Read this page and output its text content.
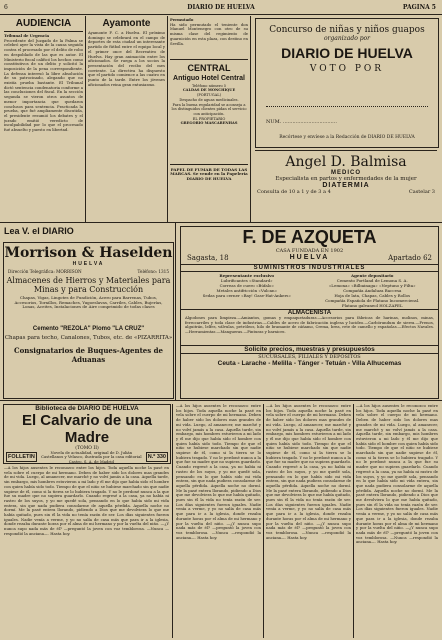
6	DIARIO DE HUELVA	PAGINA 5
AUDIENCIA
Tribunal de Urgencia
Procedente del Juzgado de la Palma se celebró ayer la vista de la causa seguida contra el procesado por el delito de robo en despoblado de las que es autor. El Ministerio fiscal calificó los hechos como constitutivos de un delito y solicitó la imposición de la pena correspondiente. La defensa interesó la libre absolución de su patrocinado, alegando que no existía prueba bastante. El Tribunal dictó sentencia condenatoria conforme a las conclusiones del fiscal. En la sección segunda se vieron otros asuntos de menor importancia que quedaron conclusos para sentencia. Practicada la prueba, que fué ampliamente discutida, el presidente resumió los debates y el jurado emitió veredicto de inculpabilidad por lo que el procesado fué absuelto y puesto en libertad.
Ayamonte
Ayamonte F. C. a Huelva. El próximo domingo se celebrará en el campo de deportes de esta ciudad un interesante partido de fútbol entre el equipo local y el primer once del Recreativo de Huelva. Hay gran animación entre los aficionados. Se ruega a los socios la presentación del recibo del mes corriente. La directiva ha dispuesto que el partido comience a las cuatro en punto de la tarde. Entre los jóvenes aficionados reina gran entusiasmo.
Permutado
Ha sido permutado el teniente don Manuel Montenegro con otro de su misma clase del regimiento de guarnición en esta plaza, con destino en Sevilla.
CENTRAL
Antiguo Hotel Central
Teléfono número 5
CALDAS DE MONCHIQUE
(PORTUGAL)
Despacho de aguas medicinales.
Para la buena regularidad se aconseja a los distinguidos clientes pidan el servicio con anticipación.
EL PROPIETARIO
GREGORIO MASCARENHAS
PAPEL DE FUMAR DE TODAS LAS MARCAS. Se vende en la Papelería DIARIO DE HUELVA
Concurso de niñas y niños guapos
organizado por
DIARIO DE HUELVA
VOTO POR
NUM. ..................................
Recórtese y envíese a la Redacción de DIARIO DE HUELVA
Angel D. Balmisa
MEDICO
Especialista en partos y enfermedades de la mujer
DIATERMIA
Consulta de 10 a 1 y de 3 a 4	Castelar 3
Lea V. el DIARIO
Morrison & Haselden
HUELVA
Dirección Telegráfica: MORRISON	Teléfono: 1315
Almacenes de Hierros y Materiales para
Minas y para Construcción
Chapas, Vigas, Lingotes de Fundición, Acero para Barrenas, Tubos, Accesorios, Tornillos, Remaches, Yugoeslavas, Carriles, Cables, Bujerías, Lonas, Aceites, Instalaciones de Aire comprimido de todas clases
Cemento "REZOLA" Plomo "LA CRUZ"
Chapas para techo, Canalones, Tubos, etc. de «PIZARRITA»
Consignatarios de Buques-Agentes de Aduanas
F. DE AZQUETA
CASA FUNDADA EN 1902
Sagasta, 18	HUELVA	Apartado 62
SUMINISTROS INDUSTRIALES
Representante exclusivo
Lubrificantes «Standard»
Correas de cuero «Búfalo»
Metales antifricción «Vulcan»
Sedas para cerner «Bay! Gase-Hat-Ankers»
Agente depositario
Cemento Portland de Lemona S. A.
«Lemona» «Bilbainaga» «Neptuno y Filta»
Compañía Andaluza Baccesa
Hoja de lata, Chapas, Cables y Rollos
Compañía Española de Platano Incomerciensl.
Platano galvaneol HOLZAPEL
ALMACENISTA
Algodones para limpieza.—Amiantos, gomas y empaquetaduras.—Accesorios para fábricas de harinas, molinos, minas, ferrocarriles y toda clase de industrias.—Cables de acero de fabricación inglesa y lucideo.—Carbórundum de sierra.—Frenos, alguitrán, lelfes, válvulas, petróleos, hilo de bramante de cáñamo, Crema, brea, rete de camello y españolas.—Efectos Navales.—Herramientas.—Mangueras.—Pinturas y barnices.
Solicite precios, muestras y presupuestos
SUCURSALES, FILIALES Y DEPÓSITOS
Ceuta - Larache - Melilla - Tánger - Tetuán - Villa Alhucemas
Biblioteca de DIARIO DE HUELVA
El Calvario de una Madre
(TOMO II)
FOLLETIN
Novela de actualidad, original de D. Julián Castellanos y Velasco, ilustrada por la casa editorial Castro, S. A. de Madrid
N.º 330
—A los hijos ausentes le reconozco entre los hijos. Toda aquella noche la pasé en vela sobre el cuerpo de mi hermano. Deben de haber sido los dolores mas grandes de mi vida. Luego, al amanecer, me marché y no volví jamás a la casa. Aquella tarde, sin embargo, mis hombres estuvieron a mi lado y él me dijo que había sido el hombre con quien había sido todo. Tiempo de que el niño se hubiese marchado sin que nadie supiese de él, como si la tierra se lo hubiera tragado. Y no le perdoné nunca a la que fue su madre que no supiera guardarlo. Cuando regresé a la casa, ya no había ni rastro de los suyos, y yo me quedé sola, pensando en lo que había sido mi vida entera, sin que nada pudiera consolarme de aquella pérdida. Aquella noche no dormí. Me la pasé entera llorando, pidiendo a Dios que me devolviera lo que me había quitado, pues sin él la vida no tenía razón de ser. Los días siguientes fueron iguales. Nadie venía a verme, y yo no salía de casa más que para ir a la iglesia, donde rezaba durante horas por el alma de mi hermano y por la vuelta del niño. —¿Y nunca supo nada más de él? —preguntó la joven con voz temblorosa. —Nunca —respondió la anciana—. Hasta hoy.
—A los hijos ausentes le reconozco entre los hijos. Toda aquella noche la pasé en vela sobre el cuerpo de mi hermano. Deben de haber sido los dolores mas grandes de mi vida. Luego, al amanecer, me marché y no volví jamás a la casa. Aquella tarde, sin embargo, mis hombres estuvieron a mi lado y él me dijo que había sido el hombre con quien había sido todo. Tiempo de que el niño se hubiese marchado sin que nadie supiese de él, como si la tierra se lo hubiera tragado. Y no le perdoné nunca a la que fue su madre que no supiera guardarlo. Cuando regresé a la casa, ya no había ni rastro de los suyos, y yo me quedé sola, pensando en lo que había sido mi vida entera, sin que nada pudiera consolarme de aquella pérdida. Aquella noche no dormí. Me la pasé entera llorando, pidiendo a Dios que me devolviera lo que me había quitado, pues sin él la vida no tenía razón de ser. Los días siguientes fueron iguales. Nadie venía a verme, y yo no salía de casa más que para ir a la iglesia, donde rezaba durante horas por el alma de mi hermano y por la vuelta del niño. —¿Y nunca supo nada más de él? —preguntó la joven con voz temblorosa. —Nunca —respondió la anciana—. Hasta hoy.
—A los hijos ausentes le reconozco entre los hijos. Toda aquella noche la pasé en vela sobre el cuerpo de mi hermano. Deben de haber sido los dolores mas grandes de mi vida. Luego, al amanecer, me marché y no volví jamás a la casa. Aquella tarde, sin embargo, mis hombres estuvieron a mi lado y él me dijo que había sido el hombre con quien había sido todo. Tiempo de que el niño se hubiese marchado sin que nadie supiese de él, como si la tierra se lo hubiera tragado. Y no le perdoné nunca a la que fue su madre que no supiera guardarlo. Cuando regresé a la casa, ya no había ni rastro de los suyos, y yo me quedé sola, pensando en lo que había sido mi vida entera, sin que nada pudiera consolarme de aquella pérdida. Aquella noche no dormí. Me la pasé entera llorando, pidiendo a Dios que me devolviera lo que me había quitado, pues sin él la vida no tenía razón de ser. Los días siguientes fueron iguales. Nadie venía a verme, y yo no salía de casa más que para ir a la iglesia, donde rezaba durante horas por el alma de mi hermano y por la vuelta del niño. —¿Y nunca supo nada más de él? —preguntó la joven con voz temblorosa. —Nunca —respondió la anciana—. Hasta hoy.
—A los hijos ausentes le reconozco entre los hijos. Toda aquella noche la pasé en vela sobre el cuerpo de mi hermano. Deben de haber sido los dolores mas grandes de mi vida. Luego, al amanecer, me marché y no volví jamás a la casa. Aquella tarde, sin embargo, mis hombres estuvieron a mi lado y él me dijo que había sido el hombre con quien había sido todo. Tiempo de que el niño se hubiese marchado sin que nadie supiese de él, como si la tierra se lo hubiera tragado. Y no le perdoné nunca a la que fue su madre que no supiera guardarlo. Cuando regresé a la casa, ya no había ni rastro de los suyos, y yo me quedé sola, pensando en lo que había sido mi vida entera, sin que nada pudiera consolarme de aquella pérdida. Aquella noche no dormí. Me la pasé entera llorando, pidiendo a Dios que me devolviera lo que me había quitado, pues sin él la vida no tenía razón de ser. Los días siguientes fueron iguales. Nadie venía a verme, y yo no salía de casa más que para ir a la iglesia, donde rezaba durante horas por el alma de mi hermano y por la vuelta del niño. —¿Y nunca supo nada más de él? —preguntó la joven con voz temblorosa. —Nunca —respondió la anciana—. Hasta hoy.
